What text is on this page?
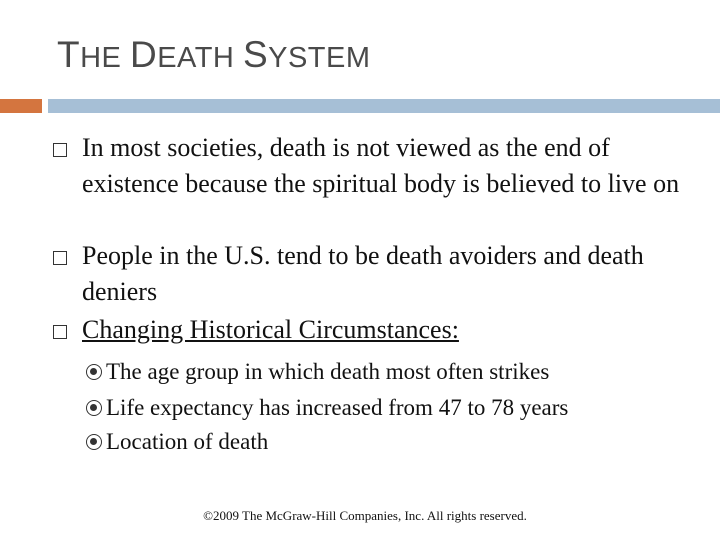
THE DEATH SYSTEM
In most societies, death is not viewed as the end of existence because the spiritual body is believed to live on
People in the U.S. tend to be death avoiders and death deniers
Changing Historical Circumstances:
The age group in which death most often strikes
Life expectancy has increased from 47 to 78 years
Location of death
©2009 The McGraw-Hill Companies, Inc. All rights reserved.
